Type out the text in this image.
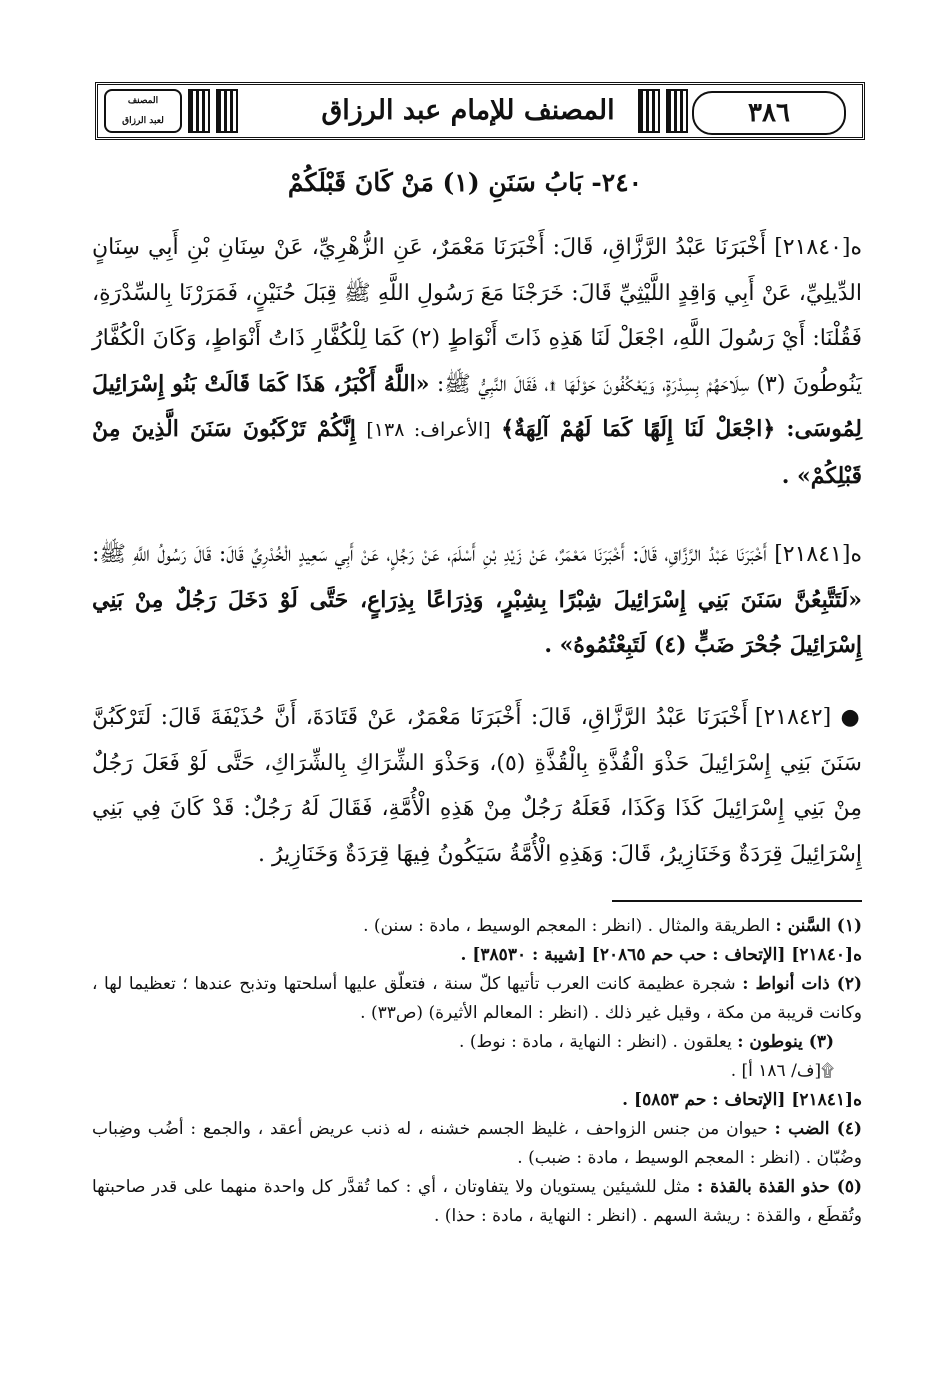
المصنف
لعبد الرزاق	المصنف للإمام عبد الرزاق	٣٨٦
٢٤٠- بَابُ سَنَنِ (١) مَنْ كَانَ قَبْلَكُمْ

ه[٢١٨٤٠] أَخْبَرَنَا عَبْدُ الرَّزَّاقِ، قَالَ: أَخْبَرَنَا مَعْمَرٌ، عَنِ الزُّهْرِيِّ، عَنْ سِنَانِ بْنِ أَبِي سِنَانٍ الدِّيلِيِّ، عَنْ أَبِي وَاقِدٍ اللَّيْثِيِّ قَالَ: خَرَجْنَا مَعَ رَسُولِ اللَّهِ ﷺ قِبَلَ حُنَيْنٍ، فَمَرَرْنَا بِالسِّدْرَةِ، فَقُلْنَا: أَيْ رَسُولَ اللَّهِ، اجْعَلْ لَنَا هَذِهِ ذَاتَ أَنْوَاطٍ (٢) كَمَا لِلْكُفَّارِ ذَاتُ أَنْوَاطٍ، وَكَانَ الْكُفَّارُ يَنُوطُونَ (٣) سِلَاحَهُمْ بِسِدْرَةٍ، وَيَعْكُفُونَ حَوْلَهَا ۩، فَقَالَ النَّبِيُّ ﷺ: «اللَّهُ أَكْبَرُ، هَذَا كَمَا قَالَتْ بَنُو إِسْرَائِيلَ لِمُوسَى: ﴿اجْعَلْ لَنَا إِلَهًا كَمَا لَهُمْ آلِهَةٌ﴾ [الأعراف: ١٣٨] إِنَّكُمْ تَرْكَبُونَ سَنَنَ الَّذِينَ مِنْ قَبْلِكُمْ» .

ه[٢١٨٤١] أَخْبَرَنَا عَبْدُ الرَّزَّاقِ، قَالَ: أَخْبَرَنَا مَعْمَرٌ، عَنْ زَيْدِ بْنِ أَسْلَمَ، عَنْ رَجُلٍ، عَنْ أَبِي سَعِيدٍ الْخُدْرِيِّ قَالَ: قَالَ رَسُولُ اللَّهِ ﷺ: «لَتَتَّبِعُنَّ سَنَنَ بَنِي إِسْرَائِيلَ شِبْرًا بِشِبْرٍ، وَذِرَاعًا بِذِرَاعٍ، حَتَّى لَوْ دَخَلَ رَجُلٌ مِنْ بَنِي إِسْرَائِيلَ جُحْرَ ضَبٍّ (٤) لَتَبِعْتُمُوهُ» .

● [٢١٨٤٢] أَخْبَرَنَا عَبْدُ الرَّزَّاقِ، قَالَ: أَخْبَرَنَا مَعْمَرٌ، عَنْ قَتَادَةَ، أَنَّ حُذَيْفَةَ قَالَ: لَتَرْكَبُنَّ سَنَنَ بَنِي إِسْرَائِيلَ حَذْوَ الْقُذَّةِ بِالْقُذَّةِ (٥)، وَحَذْوَ الشِّرَاكِ بِالشِّرَاكِ، حَتَّى لَوْ فَعَلَ رَجُلٌ مِنْ بَنِي إِسْرَائِيلَ كَذَا وَكَذَا، فَعَلَهُ رَجُلٌ مِنْ هَذِهِ الْأُمَّةِ، فَقَالَ لَهُ رَجُلٌ: قَدْ كَانَ فِي بَنِي إِسْرَائِيلَ قِرَدَةٌ وَخَنَازِيرُ، قَالَ: وَهَذِهِ الْأُمَّةُ سَيَكُونُ فِيهَا قِرَدَةٌ وَخَنَازِيرُ .

(١) السَّنن : الطريقة والمثال . (انظر : المعجم الوسيط ، مادة : سنن) .

ه[٢١٨٤٠] [الإتحاف : حب حم ٢٠٨٦٥] [شيبة : ٣٨٥٣٠] .

(٢) ذات أنواط : شجرة عظيمة كانت العرب تأتيها كلّ سنة ، فتعلّق عليها أسلحتها وتذبح عندها ؛ تعظيما لها ، وكانت قريبة من مكة ، وقيل غير ذلك . (انظر : المعالم الأثيرة) (ص٣٣) .

(٣) ينوطون : يعلقون . (انظر : النهاية ، مادة : نوط) .

۩[ف/ ١٨٦ أ] .

ه[٢١٨٤١] [الإتحاف : حم ٥٨٥٣] .

(٤) الضب : حيوان من جنس الزواحف ، غليظ الجسم خشنه ، له ذنب عريض أعقد ، والجمع : أضُب وضِباب وضُبّان . (انظر : المعجم الوسيط ، مادة : ضبب) .

(٥) حذو القذة بالقذة : مثل للشيئين يستويان ولا يتفاوتان ، أي : كما تُقدَّر كل واحدة منهما على قدر صاحبتها وتُقطَع ، والقذة : ريشة السهم . (انظر : النهاية ، مادة : حذا) .
